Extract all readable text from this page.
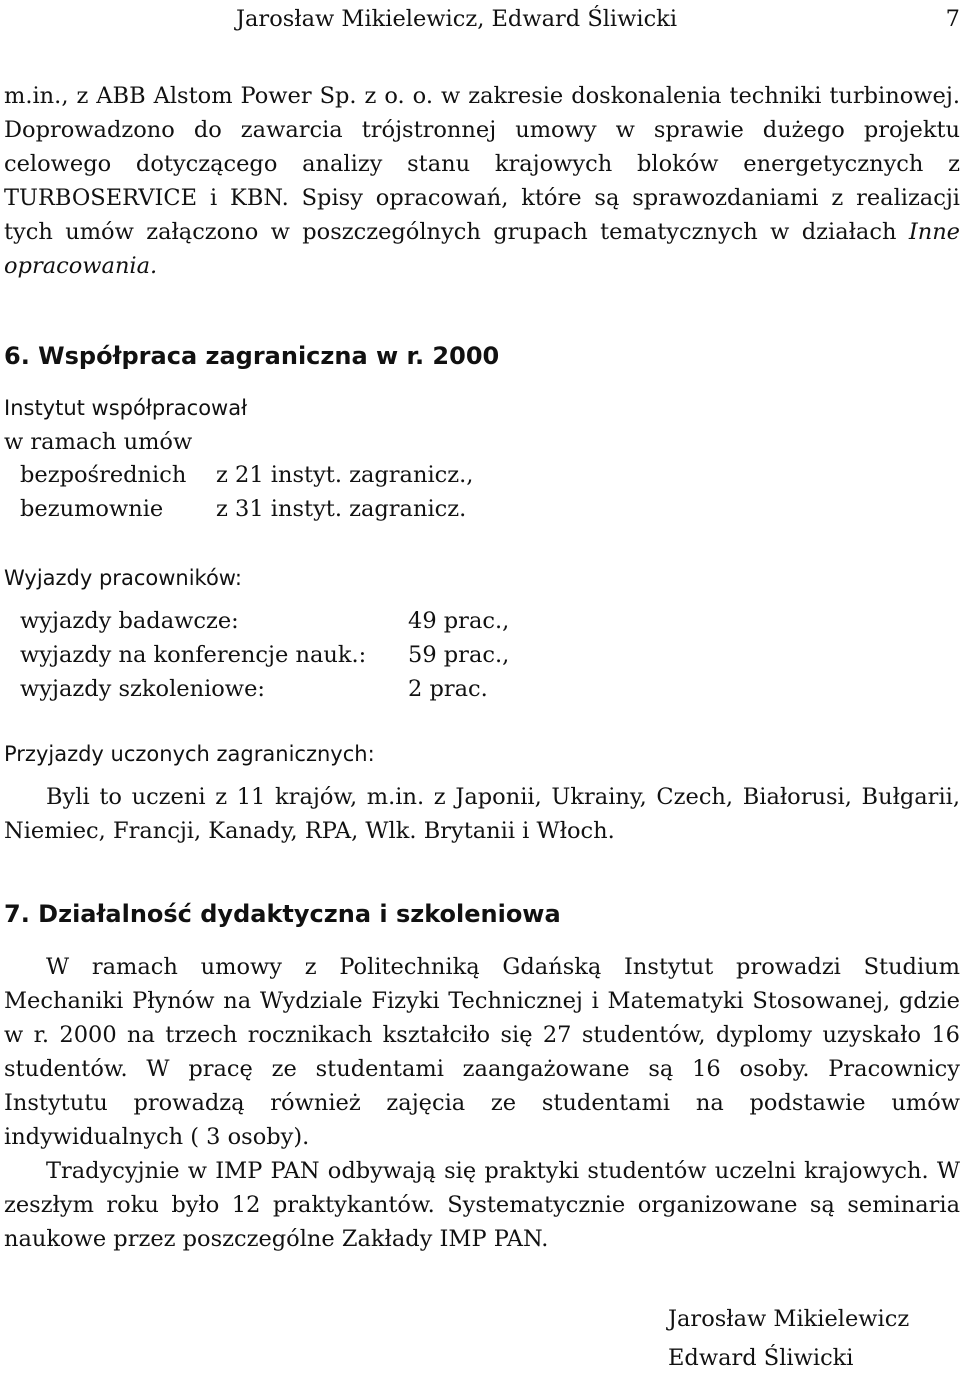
Jarosław Mikielewicz, Edward Śliwicki	7

m.in., z ABB Alstom Power Sp. z o. o. w zakresie doskonalenia techniki turbinowej. Doprowadzono do zawarcia trójstronnej umowy w sprawie dużego projektu celowego dotyczącego analizy stanu krajowych bloków energetycznych z TURBOSERVICE i KBN. Spisy opracowań, które są sprawozdaniami z realizacji tych umów załączono w poszczególnych grupach tematycznych w działach Inne opracowania.

6. Współpraca zagraniczna w r. 2000
Instytut współpracował
w ramach umów
bezpośrednich	z 21 instyt. zagranicz.,
bezumownie	z 31 instyt. zagranicz.
Wyjazdy pracowników:
wyjazdy badawcze:	49 prac.,
wyjazdy na konferencje nauk.:	59 prac.,
wyjazdy szkoleniowe:	2 prac.
Przyjazdy uczonych zagranicznych:

Byli to uczeni z 11 krajów, m.in. z Japonii, Ukrainy, Czech, Białorusi, Bułgarii, Niemiec, Francji, Kanady, RPA, Wlk. Brytanii i Włoch.

7. Działalność dydaktyczna i szkoleniowa

W ramach umowy z Politechniką Gdańską Instytut prowadzi Studium Mechaniki Płynów na Wydziale Fizyki Technicznej i Matematyki Stosowanej, gdzie w r. 2000 na trzech rocznikach kształciło się 27 studentów, dyplomy uzyskało 16 studentów. W pracę ze studentami zaangażowane są 16 osoby. Pracownicy Instytutu prowadzą również zajęcia ze studentami na podstawie umów indywidualnych ( 3 osoby).

Tradycyjnie w IMP PAN odbywają się praktyki studentów uczelni krajowych. W zeszłym roku było 12 praktykantów. Systematycznie organizowane są seminaria naukowe przez poszczególne Zakłady IMP PAN.

Jarosław Mikielewicz
Edward Śliwicki
